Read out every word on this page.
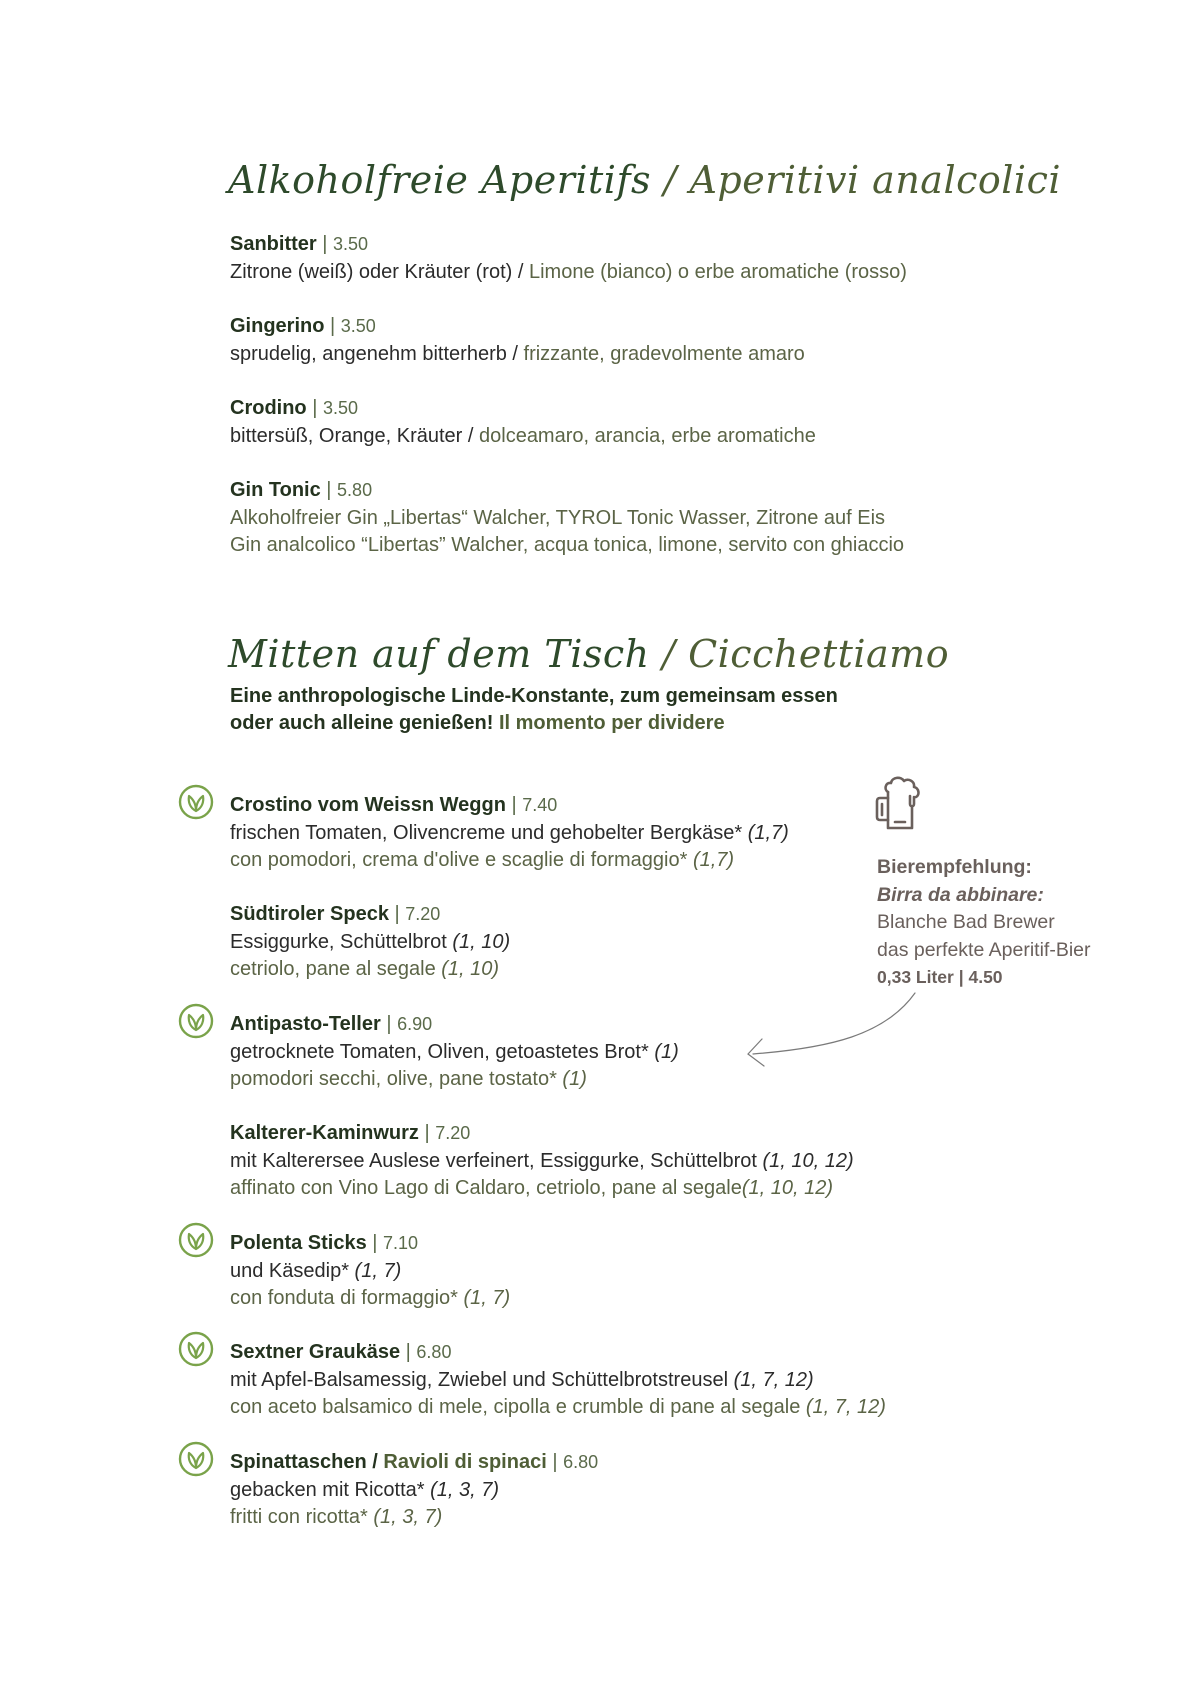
Alkoholfreie Aperitifs / Aperitivi analcolici
Sanbitter | 3.50
Zitrone (weiß) oder Kräuter (rot) / Limone (bianco) o erbe aromatiche (rosso)
Gingerino | 3.50
sprudelig, angenehm bitterherb / frizzante, gradevolmente amaro
Crodino | 3.50
bittersüß, Orange, Kräuter / dolceamaro, arancia, erbe aromatiche
Gin Tonic | 5.80
Alkoholfreier Gin „Libertas“ Walcher, TYROL Tonic Wasser, Zitrone auf Eis
Gin analcolico “Libertas” Walcher, acqua tonica, limone, servito con ghiaccio
Mitten auf dem Tisch / Cicchettiamo
Eine anthropologische Linde-Konstante, zum gemeinsam essen
oder auch alleine genießen! Il momento per dividere
Crostino vom Weissn Weggn | 7.40
frischen Tomaten, Olivencreme und gehobelter Bergkäse* (1,7)
con pomodori, crema d'olive e scaglie di formaggio* (1,7)
Südtiroler Speck | 7.20
Essiggurke, Schüttelbrot (1, 10)
cetriolo, pane al segale (1, 10)
Antipasto-Teller | 6.90
getrocknete Tomaten, Oliven, getoastetes Brot* (1)
pomodori secchi, olive, pane tostato* (1)
Kalterer-Kaminwurz | 7.20
mit Kalterersee Auslese verfeinert, Essiggurke, Schüttelbrot (1, 10, 12)
affinato con Vino Lago di Caldaro, cetriolo, pane al segale(1, 10, 12)
Polenta Sticks | 7.10
und Käsedip* (1, 7)
con fonduta di formaggio* (1, 7)
Sextner Graukäse | 6.80
mit Apfel-Balsamessig, Zwiebel und Schüttelbrotstreusel (1, 7, 12)
con aceto balsamico di mele, cipolla e crumble di pane al segale (1, 7, 12)
Spinattaschen / Ravioli di spinaci | 6.80
gebacken mit Ricotta* (1, 3, 7)
fritti con ricotta* (1, 3, 7)
Bierempfehlung:
Birra da abbinare:
Blanche Bad Brewer
das perfekte Aperitif-Bier
0,33 Liter | 4.50
